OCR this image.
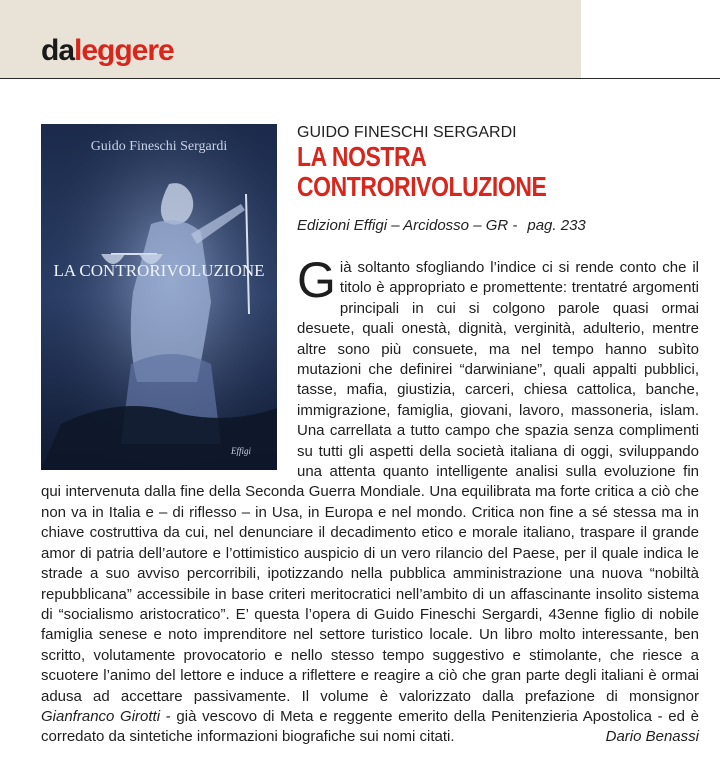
daleggere
Guido Fineschi Sergardi
LA CONTRORIVOLUZIONE
Effigi
GUIDO FINESCHI SERGARDI
LA NOSTRA
CONTRORIVOLUZIONE
Edizioni Effigi – Arcidosso – GR - pag. 233
Già soltanto sfogliando l’indice ci si rende conto che il titolo è appropriato e promettente: trentatré argomenti principali in cui si colgono parole quasi ormai desuete, quali onestà, dignità, verginità, adulterio, mentre altre sono più consuete, ma nel tempo hanno subìto mutazioni che definirei “darwiniane”, quali appalti pubblici, tasse, mafia, giustizia, carceri, chiesa cattolica, banche, immigrazione, famiglia, giovani, lavoro, massoneria, islam. Una carrellata a tutto campo che spazia senza complimenti su tutti gli aspetti della società italiana di oggi, sviluppando una attenta quanto intelligente analisi sulla evoluzione fin qui intervenuta dalla fine della Seconda Guerra Mondiale. Una equilibrata ma forte critica a ciò che non va in Italia e – di riflesso – in Usa, in Europa e nel mondo. Critica non fine a sé stessa ma in chiave costruttiva da cui, nel denunciare il decadimento etico e morale italiano, traspare il grande amor di patria dell’autore e l’ottimistico auspicio di un vero rilancio del Paese, per il quale indica le strade a suo avviso percorribili, ipotizzando nella pubblica amministrazione una nuova “nobiltà repubblicana” accessibile in base criteri meritocratici nell’ambito di un affascinante insolito sistema di “socialismo aristocratico”. E’ questa l’opera di Guido Fineschi Sergardi, 43enne figlio di nobile famiglia senese e noto imprenditore nel settore turistico locale. Un libro molto interessante, ben scritto, volutamente provocatorio e nello stesso tempo suggestivo e stimolante, che riesce a scuotere l’animo del lettore e induce a riflettere e reagire a ciò che gran parte degli italiani è ormai adusa ad accettare passivamente. Il volume è valorizzato dalla prefazione di monsignor Gianfranco Girotti - già vescovo di Meta e reggente emerito della Penitenzieria Apostolica - ed è corredato da sintetiche informazioni biografiche sui nomi citati.	Dario Benassi
